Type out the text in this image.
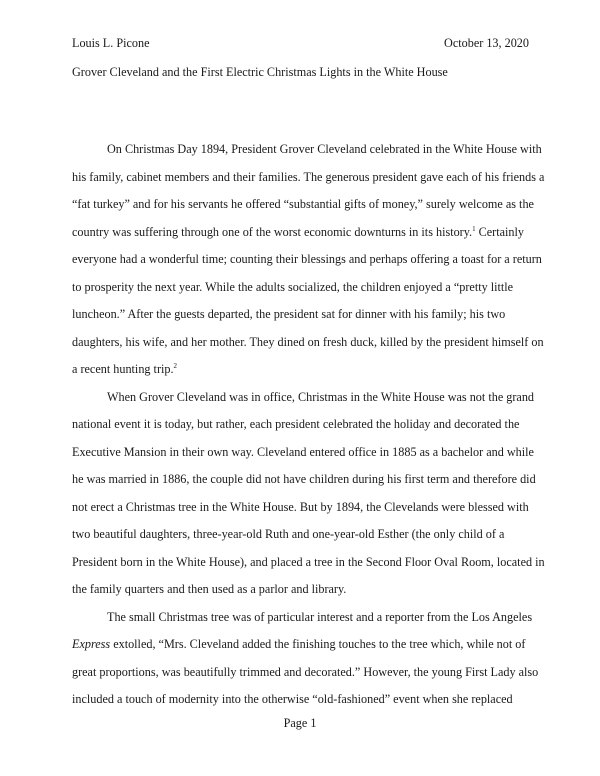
Louis L. Picone	October 13, 2020
Grover Cleveland and the First Electric Christmas Lights in the White House
On Christmas Day 1894, President Grover Cleveland celebrated in the White House with
his family, cabinet members and their families. The generous president gave each of his friends a
“fat turkey” and for his servants he offered “substantial gifts of money,” surely welcome as the
country was suffering through one of the worst economic downturns in its history.$^1$ Certainly
everyone had a wonderful time; counting their blessings and perhaps offering a toast for a return
to prosperity the next year. While the adults socialized, the children enjoyed a “pretty little
luncheon.” After the guests departed, the president sat for dinner with his family; his two
daughters, his wife, and her mother. They dined on fresh duck, killed by the president himself on
a recent hunting trip.$^2$
When Grover Cleveland was in office, Christmas in the White House was not the grand
national event it is today, but rather, each president celebrated the holiday and decorated the
Executive Mansion in their own way. Cleveland entered office in 1885 as a bachelor and while
he was married in 1886, the couple did not have children during his first term and therefore did
not erect a Christmas tree in the White House. But by 1894, the Clevelands were blessed with
two beautiful daughters, three-year-old Ruth and one-year-old Esther (the only child of a
President born in the White House), and placed a tree in the Second Floor Oval Room, located in
the family quarters and then used as a parlor and library.
The small Christmas tree was of particular interest and a reporter from the Los Angeles
Express extolled, “Mrs. Cleveland added the finishing touches to the tree which, while not of
great proportions, was beautifully trimmed and decorated.” However, the young First Lady also
included a touch of modernity into the otherwise “old-fashioned” event when she replaced
Page 1
